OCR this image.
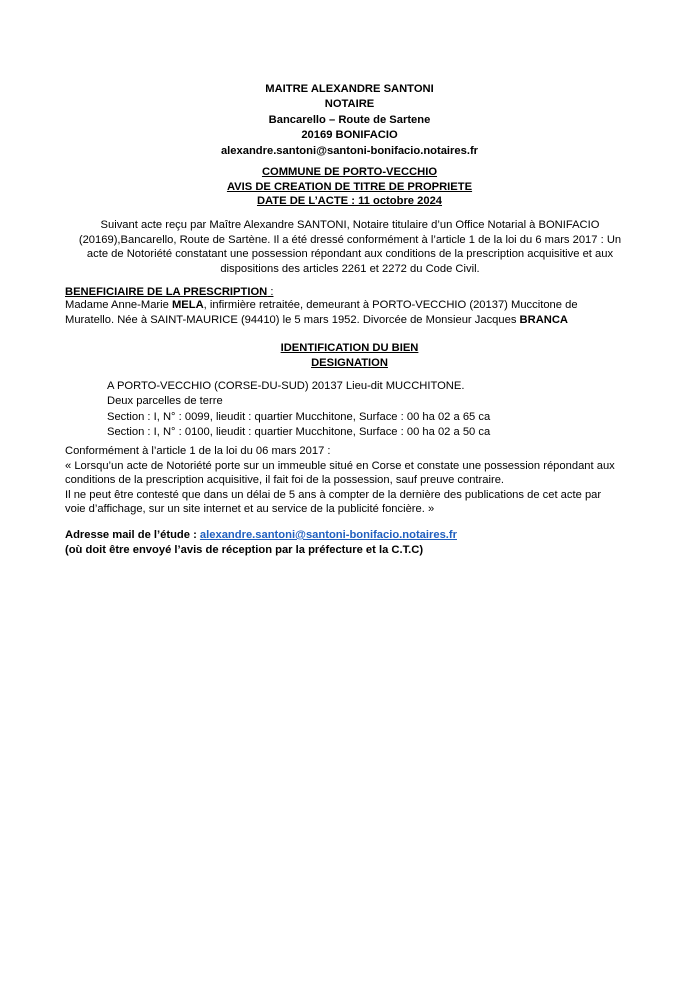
MAITRE ALEXANDRE SANTONI
NOTAIRE
Bancarello – Route de Sartene
20169 BONIFACIO
alexandre.santoni@santoni-bonifacio.notaires.fr
COMMUNE DE PORTO-VECCHIO
AVIS DE CREATION DE TITRE DE PROPRIETE
DATE DE L’ACTE : 11 octobre 2024

Suivant acte reçu par Maître Alexandre SANTONI, Notaire titulaire d’un Office Notarial à BONIFACIO

(20169),Bancarello, Route de Sartène. Il a été dressé conformément à l’article 1 de la loi du 6 mars 2017 : Un

acte de Notoriété constatant une possession répondant aux conditions de la prescription acquisitive et aux

dispositions des articles 2261 et 2272 du Code Civil.

BENEFICIAIRE DE LA PRESCRIPTION :

Madame Anne-Marie MELA, infirmière retraitée, demeurant à PORTO-VECCHIO (20137) Muccitone de

Muratello. Née à SAINT-MAURICE (94410) le 5 mars 1952. Divorcée de Monsieur Jacques BRANCA

IDENTIFICATION DU BIEN
DESIGNATION

A PORTO-VECCHIO (CORSE-DU-SUD) 20137 Lieu-dit MUCCHITONE.

Deux parcelles de terre

Section : I, N° : 0099, lieudit : quartier Mucchitone, Surface : 00 ha 02 a 65 ca

Section : I, N° : 0100, lieudit : quartier Mucchitone, Surface : 00 ha 02 a 50 ca

Conformément à l’article 1 de la loi du 06 mars 2017 :

« Lorsqu’un acte de Notoriété porte sur un immeuble situé en Corse et constate une possession répondant aux

conditions de la prescription acquisitive, il fait foi de la possession, sauf preuve contraire.

Il ne peut être contesté que dans un délai de 5 ans à compter de la dernière des publications de cet acte par

voie d’affichage, sur un site internet et au service de la publicité foncière. »

Adresse mail de l’étude : alexandre.santoni@santoni-bonifacio.notaires.fr

(où doit être envoyé l’avis de réception par la préfecture et la C.T.C)
